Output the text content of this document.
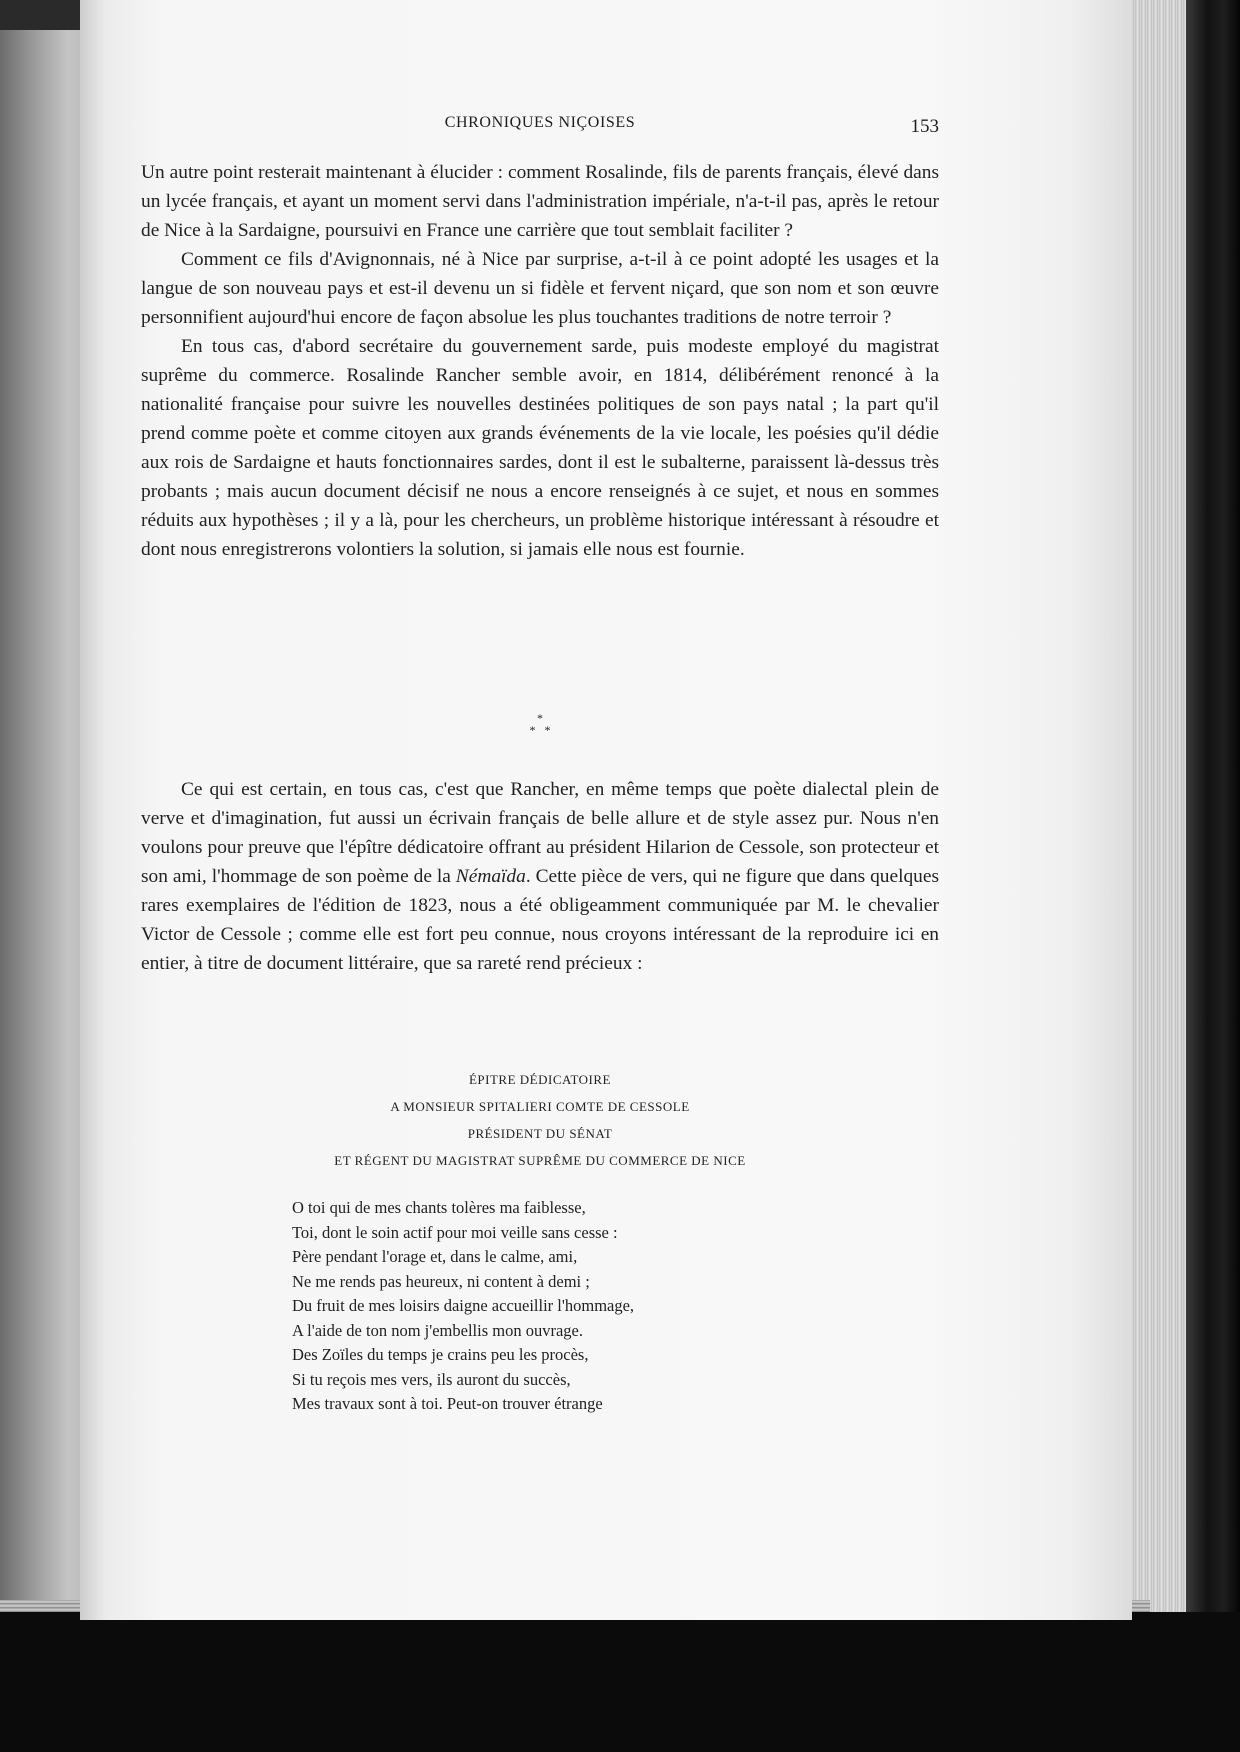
CHRONIQUES NIÇOISES	153

Un autre point resterait maintenant à élucider : comment Rosalinde, fils de parents français, élevé dans un lycée français, et ayant un moment servi dans l'administration impériale, n'a-t-il pas, après le retour de Nice à la Sardaigne, poursuivi en France une carrière que tout semblait faciliter ?

Comment ce fils d'Avignonnais, né à Nice par surprise, a-t-il à ce point adopté les usages et la langue de son nouveau pays et est-il devenu un si fidèle et fervent niçard, que son nom et son œuvre personnifient aujourd'hui encore de façon absolue les plus touchantes traditions de notre terroir ?

En tous cas, d'abord secrétaire du gouvernement sarde, puis modeste employé du magistrat suprême du commerce. Rosalinde Rancher semble avoir, en 1814, délibérément renoncé à la nationalité française pour suivre les nouvelles destinées politiques de son pays natal ; la part qu'il prend comme poète et comme citoyen aux grands événements de la vie locale, les poésies qu'il dédie aux rois de Sardaigne et hauts fonctionnaires sardes, dont il est le subalterne, paraissent là-dessus très probants ; mais aucun document décisif ne nous a encore renseignés à ce sujet, et nous en sommes réduits aux hypothèses ; il y a là, pour les chercheurs, un problème historique intéressant à résoudre et dont nous enregistrerons volontiers la solution, si jamais elle nous est fournie.

*
* *

Ce qui est certain, en tous cas, c'est que Rancher, en même temps que poète dialectal plein de verve et d'imagination, fut aussi un écrivain français de belle allure et de style assez pur. Nous n'en voulons pour preuve que l'épître dédicatoire offrant au président Hilarion de Cessole, son protecteur et son ami, l'hommage de son poème de la Némaïda. Cette pièce de vers, qui ne figure que dans quelques rares exemplaires de l'édition de 1823, nous a été obligeamment communiquée par M. le chevalier Victor de Cessole ; comme elle est fort peu connue, nous croyons intéressant de la reproduire ici en entier, à titre de document littéraire, que sa rareté rend précieux :

ÉPITRE DÉDICATOIRE
A MONSIEUR SPITALIERI COMTE DE CESSOLE
PRÉSIDENT DU SÉNAT
ET RÉGENT DU MAGISTRAT SUPRÊME DU COMMERCE DE NICE
O toi qui de mes chants tolères ma faiblesse,
Toi, dont le soin actif pour moi veille sans cesse :
Père pendant l'orage et, dans le calme, ami,
Ne me rends pas heureux, ni content à demi ;
Du fruit de mes loisirs daigne accueillir l'hommage,
A l'aide de ton nom j'embellis mon ouvrage.
Des Zoïles du temps je crains peu les procès,
Si tu reçois mes vers, ils auront du succès,
Mes travaux sont à toi. Peut-on trouver étrange
